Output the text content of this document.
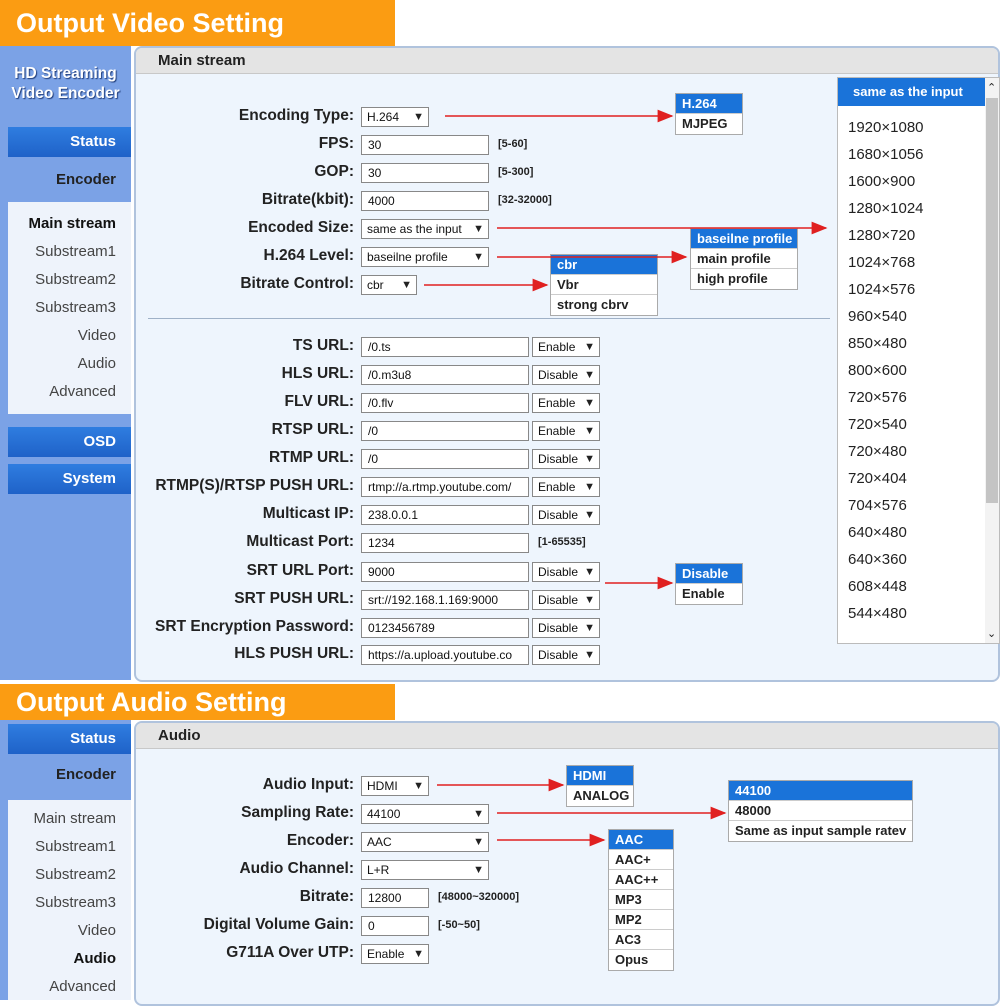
Output Video Setting
HD Streaming
Video Encoder
Status
Encoder
Main stream
Substream1
Substream2
Substream3
Video
Audio
Advanced
OSD
System
Main stream
Encoding Type:	H.264 ▼
FPS:	30	[5-60]
GOP:	30	[5-300]
Bitrate(kbit):	4000	[32-32000]
Encoded Size:	same as the input ▼
H.264 Level:	baseilne profile ▼
Bitrate Control:	cbr ▼
TS URL:	/0.ts	Enable ▼
HLS URL:	/0.m3u8	Disable ▼
FLV URL:	/0.flv	Enable ▼
RTSP URL:	/0	Enable ▼
RTMP URL:	/0	Disable ▼
RTMP(S)/RTSP PUSH URL:	rtmp://a.rtmp.youtube.com/	Enable ▼
Multicast IP:	238.0.0.1	Disable ▼
SRT URL Port:	9000	Disable ▼
SRT PUSH URL:	srt://192.168.1.169:9000	Disable ▼
SRT Encryption Password:	0123456789	Disable ▼
HLS PUSH URL:	https://a.upload.youtube.co	Disable ▼
Multicast Port:	1234	[1-65535]
H.264
MJPEG
baseilne profile
main profile
high profile
cbr
Vbr
strong cbrv
Disable
Enable
same as the input
1920×1080
1680×1056
1600×900
1280×1024
1280×720
1024×768
1024×576
960×540
850×480
800×600
720×576
720×540
720×480
720×404
704×576
640×480
640×360
608×448
544×480
⌃
⌄
Output Audio Setting
Status
Encoder
Main stream
Substream1
Substream2
Substream3
Video
Audio
Advanced
Audio
Audio Input:	HDMI ▼
Sampling Rate:	44100	▼
Encoder:	AAC	▼
Audio Channel:	L+R	▼
Bitrate:	12800	[48000~320000]
Digital Volume Gain:	0	[-50~50]
G711A Over UTP:	Enable ▼
HDMI
ANALOG	44100
48000
Same as input sample ratev
AAC
AAC+
AAC++
MP3
MP2
AC3
Opus
